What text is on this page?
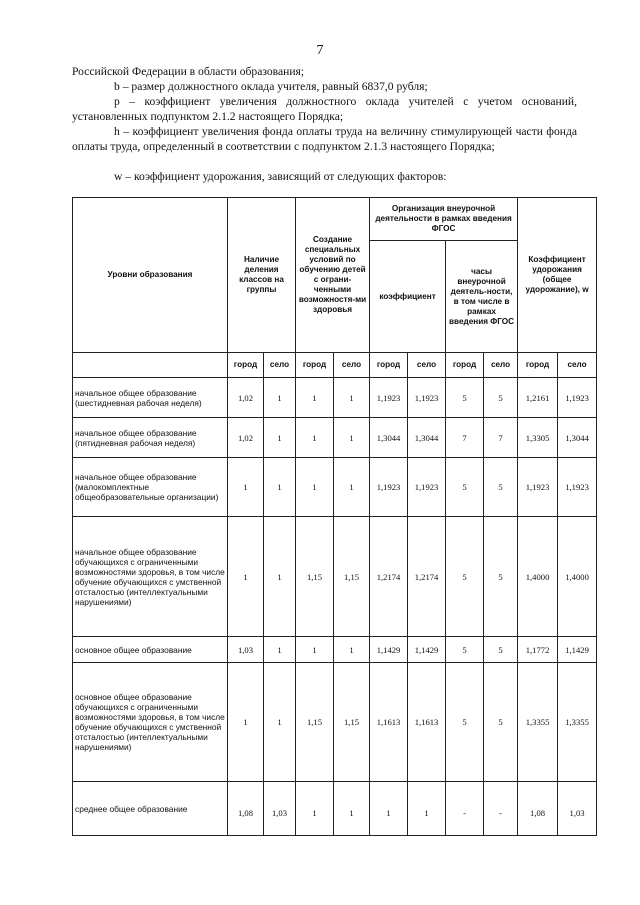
7
Российской Федерации в области образования;
b – размер должностного оклада учителя, равный 6837,0 рубля;
p – коэффициент увеличения должностного оклада учителей с учетом оснований, установленных подпунктом 2.1.2 настоящего Порядка;
h – коэффициент увеличения фонда оплаты труда на величину стимулирующей части фонда оплаты труда, определенный в соответствии с подпунктом 2.1.3 настоящего Порядка;
w – коэффициент удорожания, зависящий от следующих факторов:
Уровни образования	Наличие деления классов на группы		Создание специальных условий по обучению детей с ограни-ченными возможностя-ми здоровья		Организация внеурочной деятельности в рамках введения ФГОС				Коэффициент удорожания (общее удорожание), w	
					коэффициент		часы внеурочной деятель-ности, в том числе в рамках введения ФГОС			
	город	село	город	село	город	село	город	село	город	село
начальное общее образование (шестидневная рабочая неделя)	1,02	1	1	1	1,1923	1,1923	5	5	1,2161	1,1923
начальное общее образование (пятидневная рабочая неделя)	1,02	1	1	1	1,3044	1,3044	7	7	1,3305	1,3044
начальное общее образование (малокомплектные общеобразовательные организации)	1	1	1	1	1,1923	1,1923	5	5	1,1923	1,1923
начальное общее образование обучающихся с ограниченными возможностями здоровья, в том числе обучение обучающихся с умственной отсталостью (интеллектуальными нарушениями)	1	1	1,15	1,15	1,2174	1,2174	5	5	1,4000	1,4000
основное общее образование	1,03	1	1	1	1,1429	1,1429	5	5	1,1772	1,1429
основное общее образование обучающихся с ограниченными возможностями здоровья, в том числе обучение обучающихся с умственной отсталостью (интеллектуальными нарушениями)	1	1	1,15	1,15	1,1613	1,1613	5	5	1,3355	1,3355
среднее общее образование	1,08	1,03	1	1	1	1	-	-	1,08	1,03
